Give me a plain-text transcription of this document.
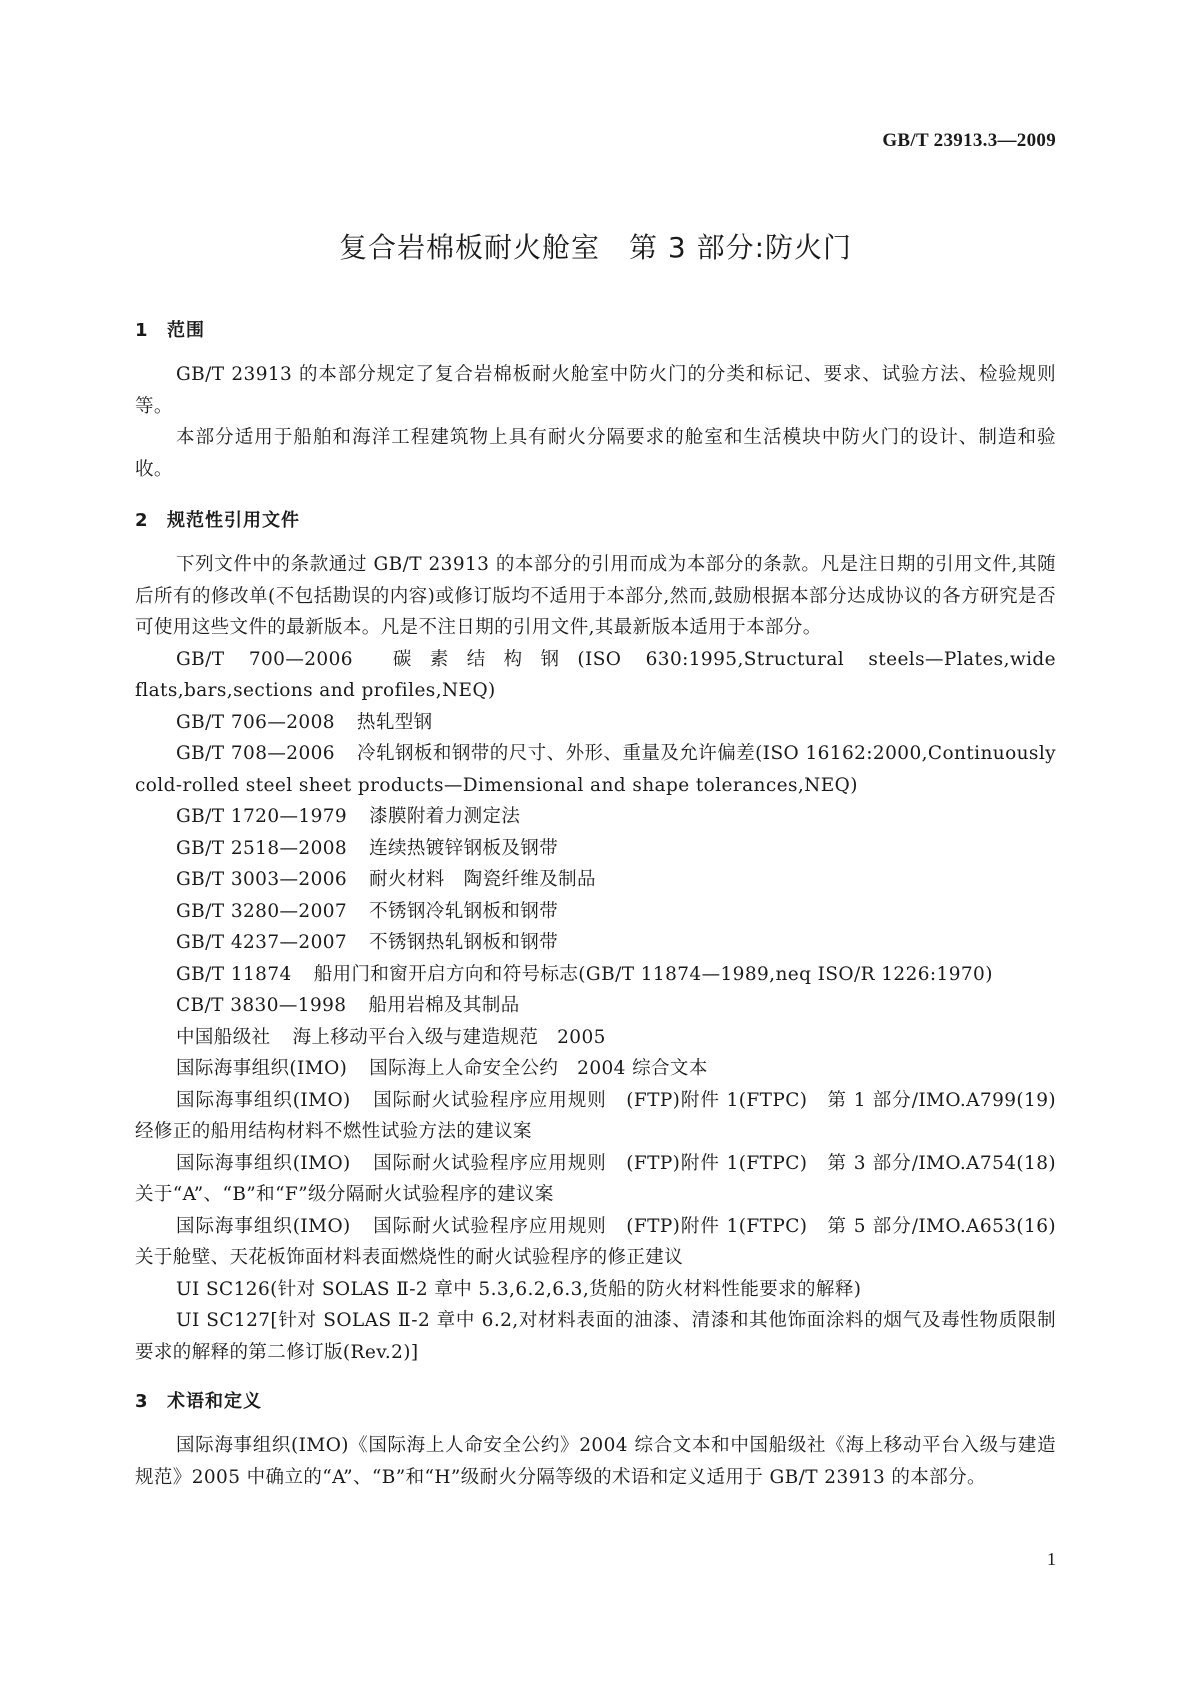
GB/T 23913.3—2009
复合岩棉板耐火舱室　第 3 部分:防火门
1 范围

GB/T 23913 的本部分规定了复合岩棉板耐火舱室中防火门的分类和标记、要求、试验方法、检验规则等。

本部分适用于船舶和海洋工程建筑物上具有耐火分隔要求的舱室和生活模块中防火门的设计、制造和验收。

2 规范性引用文件

下列文件中的条款通过 GB/T 23913 的本部分的引用而成为本部分的条款。凡是注日期的引用文件,其随后所有的修改单(不包括勘误的内容)或修订版均不适用于本部分,然而,鼓励根据本部分达成协议的各方研究是否可使用这些文件的最新版本。凡是不注日期的引用文件,其最新版本适用于本部分。

GB/T 700—2006 碳素结构钢(ISO 630:1995,Structural steels—Plates,wide flats,bars,sections and profiles,NEQ)

GB/T 706—2008 热轧型钢

GB/T 708—2006 冷轧钢板和钢带的尺寸、外形、重量及允许偏差(ISO 16162:2000,Continuously cold-rolled steel sheet products—Dimensional and shape tolerances,NEQ)

GB/T 1720—1979 漆膜附着力测定法

GB/T 2518—2008 连续热镀锌钢板及钢带

GB/T 3003—2006 耐火材料　陶瓷纤维及制品

GB/T 3280—2007 不锈钢冷轧钢板和钢带

GB/T 4237—2007 不锈钢热轧钢板和钢带

GB/T 11874 船用门和窗开启方向和符号标志(GB/T 11874—1989,neq ISO/R 1226:1970)

CB/T 3830—1998 船用岩棉及其制品

中国船级社 海上移动平台入级与建造规范　2005

国际海事组织(IMO) 国际海上人命安全公约　2004 综合文本

国际海事组织(IMO) 国际耐火试验程序应用规则　(FTP)附件 1(FTPC)　第 1 部分/IMO.A799(19)　经修正的船用结构材料不燃性试验方法的建议案

国际海事组织(IMO) 国际耐火试验程序应用规则　(FTP)附件 1(FTPC)　第 3 部分/IMO.A754(18)　关于“A”、“B”和“F”级分隔耐火试验程序的建议案

国际海事组织(IMO) 国际耐火试验程序应用规则　(FTP)附件 1(FTPC)　第 5 部分/IMO.A653(16)　关于舱壁、天花板饰面材料表面燃烧性的耐火试验程序的修正建议

UI SC126(针对 SOLAS Ⅱ-2 章中 5.3,6.2,6.3,货船的防火材料性能要求的解释)

UI SC127[针对 SOLAS Ⅱ-2 章中 6.2,对材料表面的油漆、清漆和其他饰面涂料的烟气及毒性物质限制要求的解释的第二修订版(Rev.2)]

3 术语和定义

国际海事组织(IMO)《国际海上人命安全公约》2004 综合文本和中国船级社《海上移动平台入级与建造规范》2005 中确立的“A”、“B”和“H”级耐火分隔等级的术语和定义适用于 GB/T 23913 的本部分。

1
